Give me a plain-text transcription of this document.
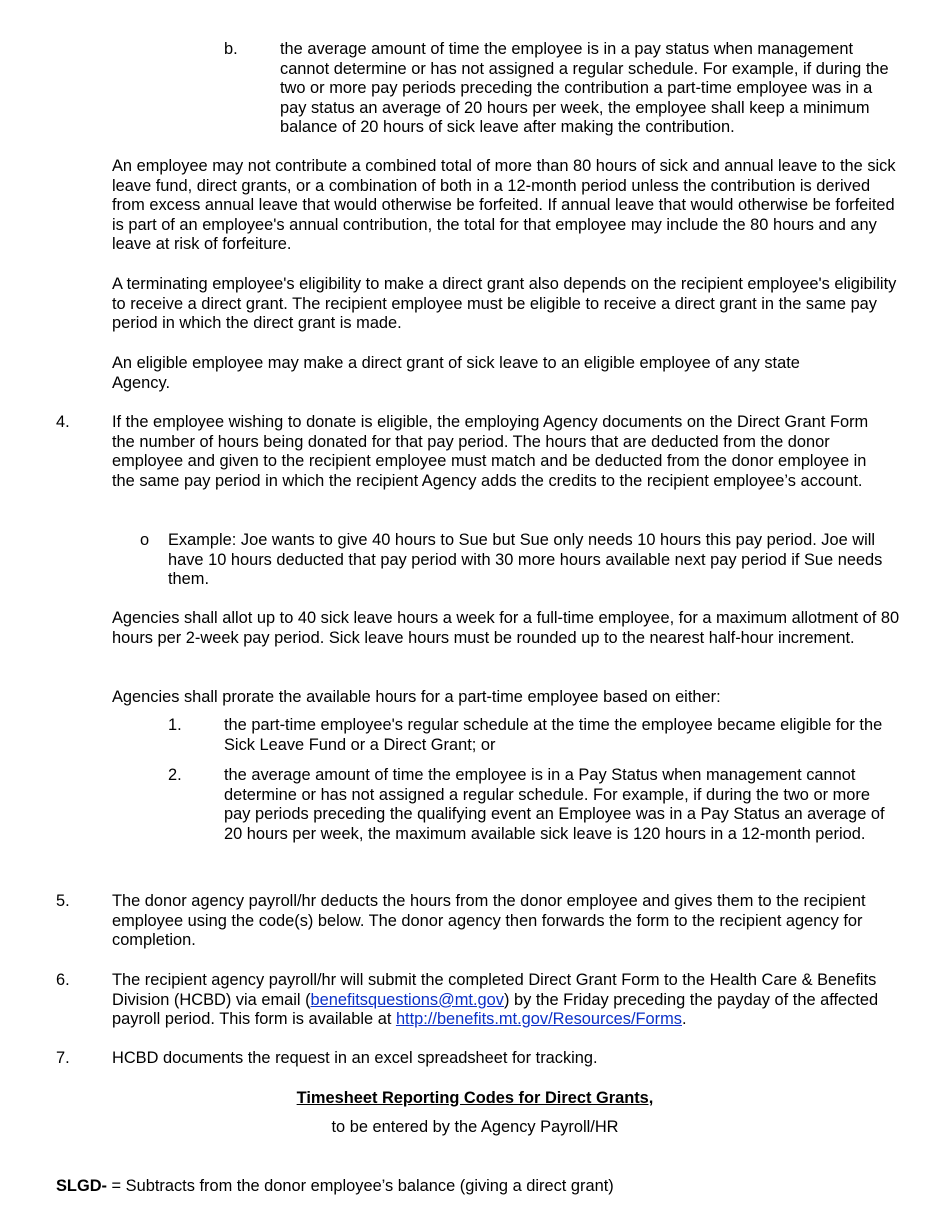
b.	the average amount of time the employee is in a pay status when management cannot determine or has not assigned a regular schedule. For example, if during the two or more pay periods preceding the contribution a part-time employee was in a pay status an average of 20 hours per week, the employee shall keep a minimum balance of 20 hours of sick leave after making the contribution.

An employee may not contribute a combined total of more than 80 hours of sick and annual leave to the sick leave fund, direct grants, or a combination of both in a 12-month period unless the contribution is derived from excess annual leave that would otherwise be forfeited. If annual leave that would otherwise be forfeited is part of an employee's annual contribution, the total for that employee may include the 80 hours and any leave at risk of forfeiture.

A terminating employee's eligibility to make a direct grant also depends on the recipient employee's eligibility to receive a direct grant. The recipient employee must be eligible to receive a direct grant in the same pay period in which the direct grant is made.

An eligible employee may make a direct grant of sick leave to an eligible employee of any state Agency.

4.	If the employee wishing to donate is eligible, the employing Agency documents on the Direct Grant Form the number of hours being donated for that pay period. The hours that are deducted from the donor employee and given to the recipient employee must match and be deducted from the donor employee in the same pay period in which the recipient Agency adds the credits to the recipient employee’s account.

o Example: Joe wants to give 40 hours to Sue but Sue only needs 10 hours this pay period. Joe will have 10 hours deducted that pay period with 30 more hours available next pay period if Sue needs them.

Agencies shall allot up to 40 sick leave hours a week for a full-time employee, for a maximum allotment of 80 hours per 2-week pay period. Sick leave hours must be rounded up to the nearest half-hour increment.

Agencies shall prorate the available hours for a part-time employee based on either:

1.	the part-time employee's regular schedule at the time the employee became eligible for the Sick Leave Fund or a Direct Grant; or

2.	the average amount of time the employee is in a Pay Status when management cannot determine or has not assigned a regular schedule. For example, if during the two or more pay periods preceding the qualifying event an Employee was in a Pay Status an average of 20 hours per week, the maximum available sick leave is 120 hours in a 12-month period.

5.	The donor agency payroll/hr deducts the hours from the donor employee and gives them to the recipient employee using the code(s) below. The donor agency then forwards the form to the recipient agency for completion.

6.	The recipient agency payroll/hr will submit the completed Direct Grant Form to the Health Care & Benefits Division (HCBD) via email (benefitsquestions@mt.gov) by the Friday preceding the payday of the affected payroll period. This form is available at http://benefits.mt.gov/Resources/Forms.

7.	HCBD documents the request in an excel spreadsheet for tracking.

Timesheet Reporting Codes for Direct Grants,

to be entered by the Agency Payroll/HR

SLGD- = Subtracts from the donor employee’s balance (giving a direct grant)
